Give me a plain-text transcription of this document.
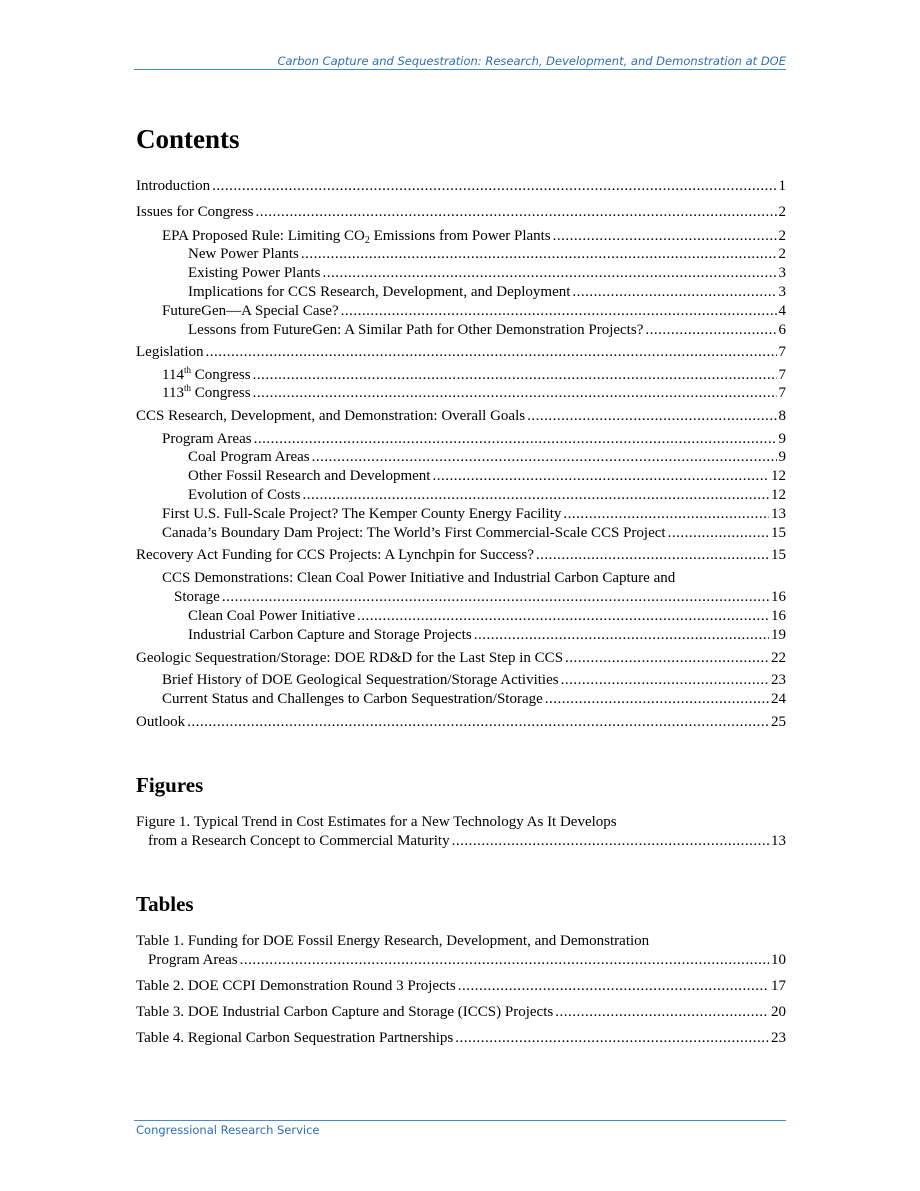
Carbon Capture and Sequestration: Research, Development, and Demonstration at DOE
Contents
Introduction .....	1
Issues for Congress .....	2
EPA Proposed Rule: Limiting $CO_2$ Emissions from Power Plants .....	2
New Power Plants .....	2
Existing Power Plants .....	3
Implications for CCS Research, Development, and Deployment .....	3
FutureGen—A Special Case? .....	4
Lessons from FutureGen: A Similar Path for Other Demonstration Projects? .....	6
Legislation .....	7
114th Congress .....	7
113th Congress .....	7
CCS Research, Development, and Demonstration: Overall Goals .....	8
Program Areas .....	9
Coal Program Areas .....	9
Other Fossil Research and Development .....	12
Evolution of Costs .....	12
First U.S. Full-Scale Project? The Kemper County Energy Facility .....	13
Canada’s Boundary Dam Project: The World’s First Commercial-Scale CCS Project .....	15
Recovery Act Funding for CCS Projects: A Lynchpin for Success? .....	15
CCS Demonstrations: Clean Coal Power Initiative and Industrial Carbon Capture and
Storage .....	16
Clean Coal Power Initiative .....	16
Industrial Carbon Capture and Storage Projects .....	19
Geologic Sequestration/Storage: DOE RD&D for the Last Step in CCS .....	22
Brief History of DOE Geological Sequestration/Storage Activities .....	23
Current Status and Challenges to Carbon Sequestration/Storage .....	24
Outlook .....	25
Figures
Figure 1. Typical Trend in Cost Estimates for a New Technology As It Develops
from a Research Concept to Commercial Maturity .....	13
Tables
Table 1. Funding for DOE Fossil Energy Research, Development, and Demonstration
Program Areas .....	10
Table 2. DOE CCPI Demonstration Round 3 Projects .....	17
Table 3. DOE Industrial Carbon Capture and Storage (ICCS) Projects .....	20
Table 4. Regional Carbon Sequestration Partnerships .....	23
Congressional Research Service
